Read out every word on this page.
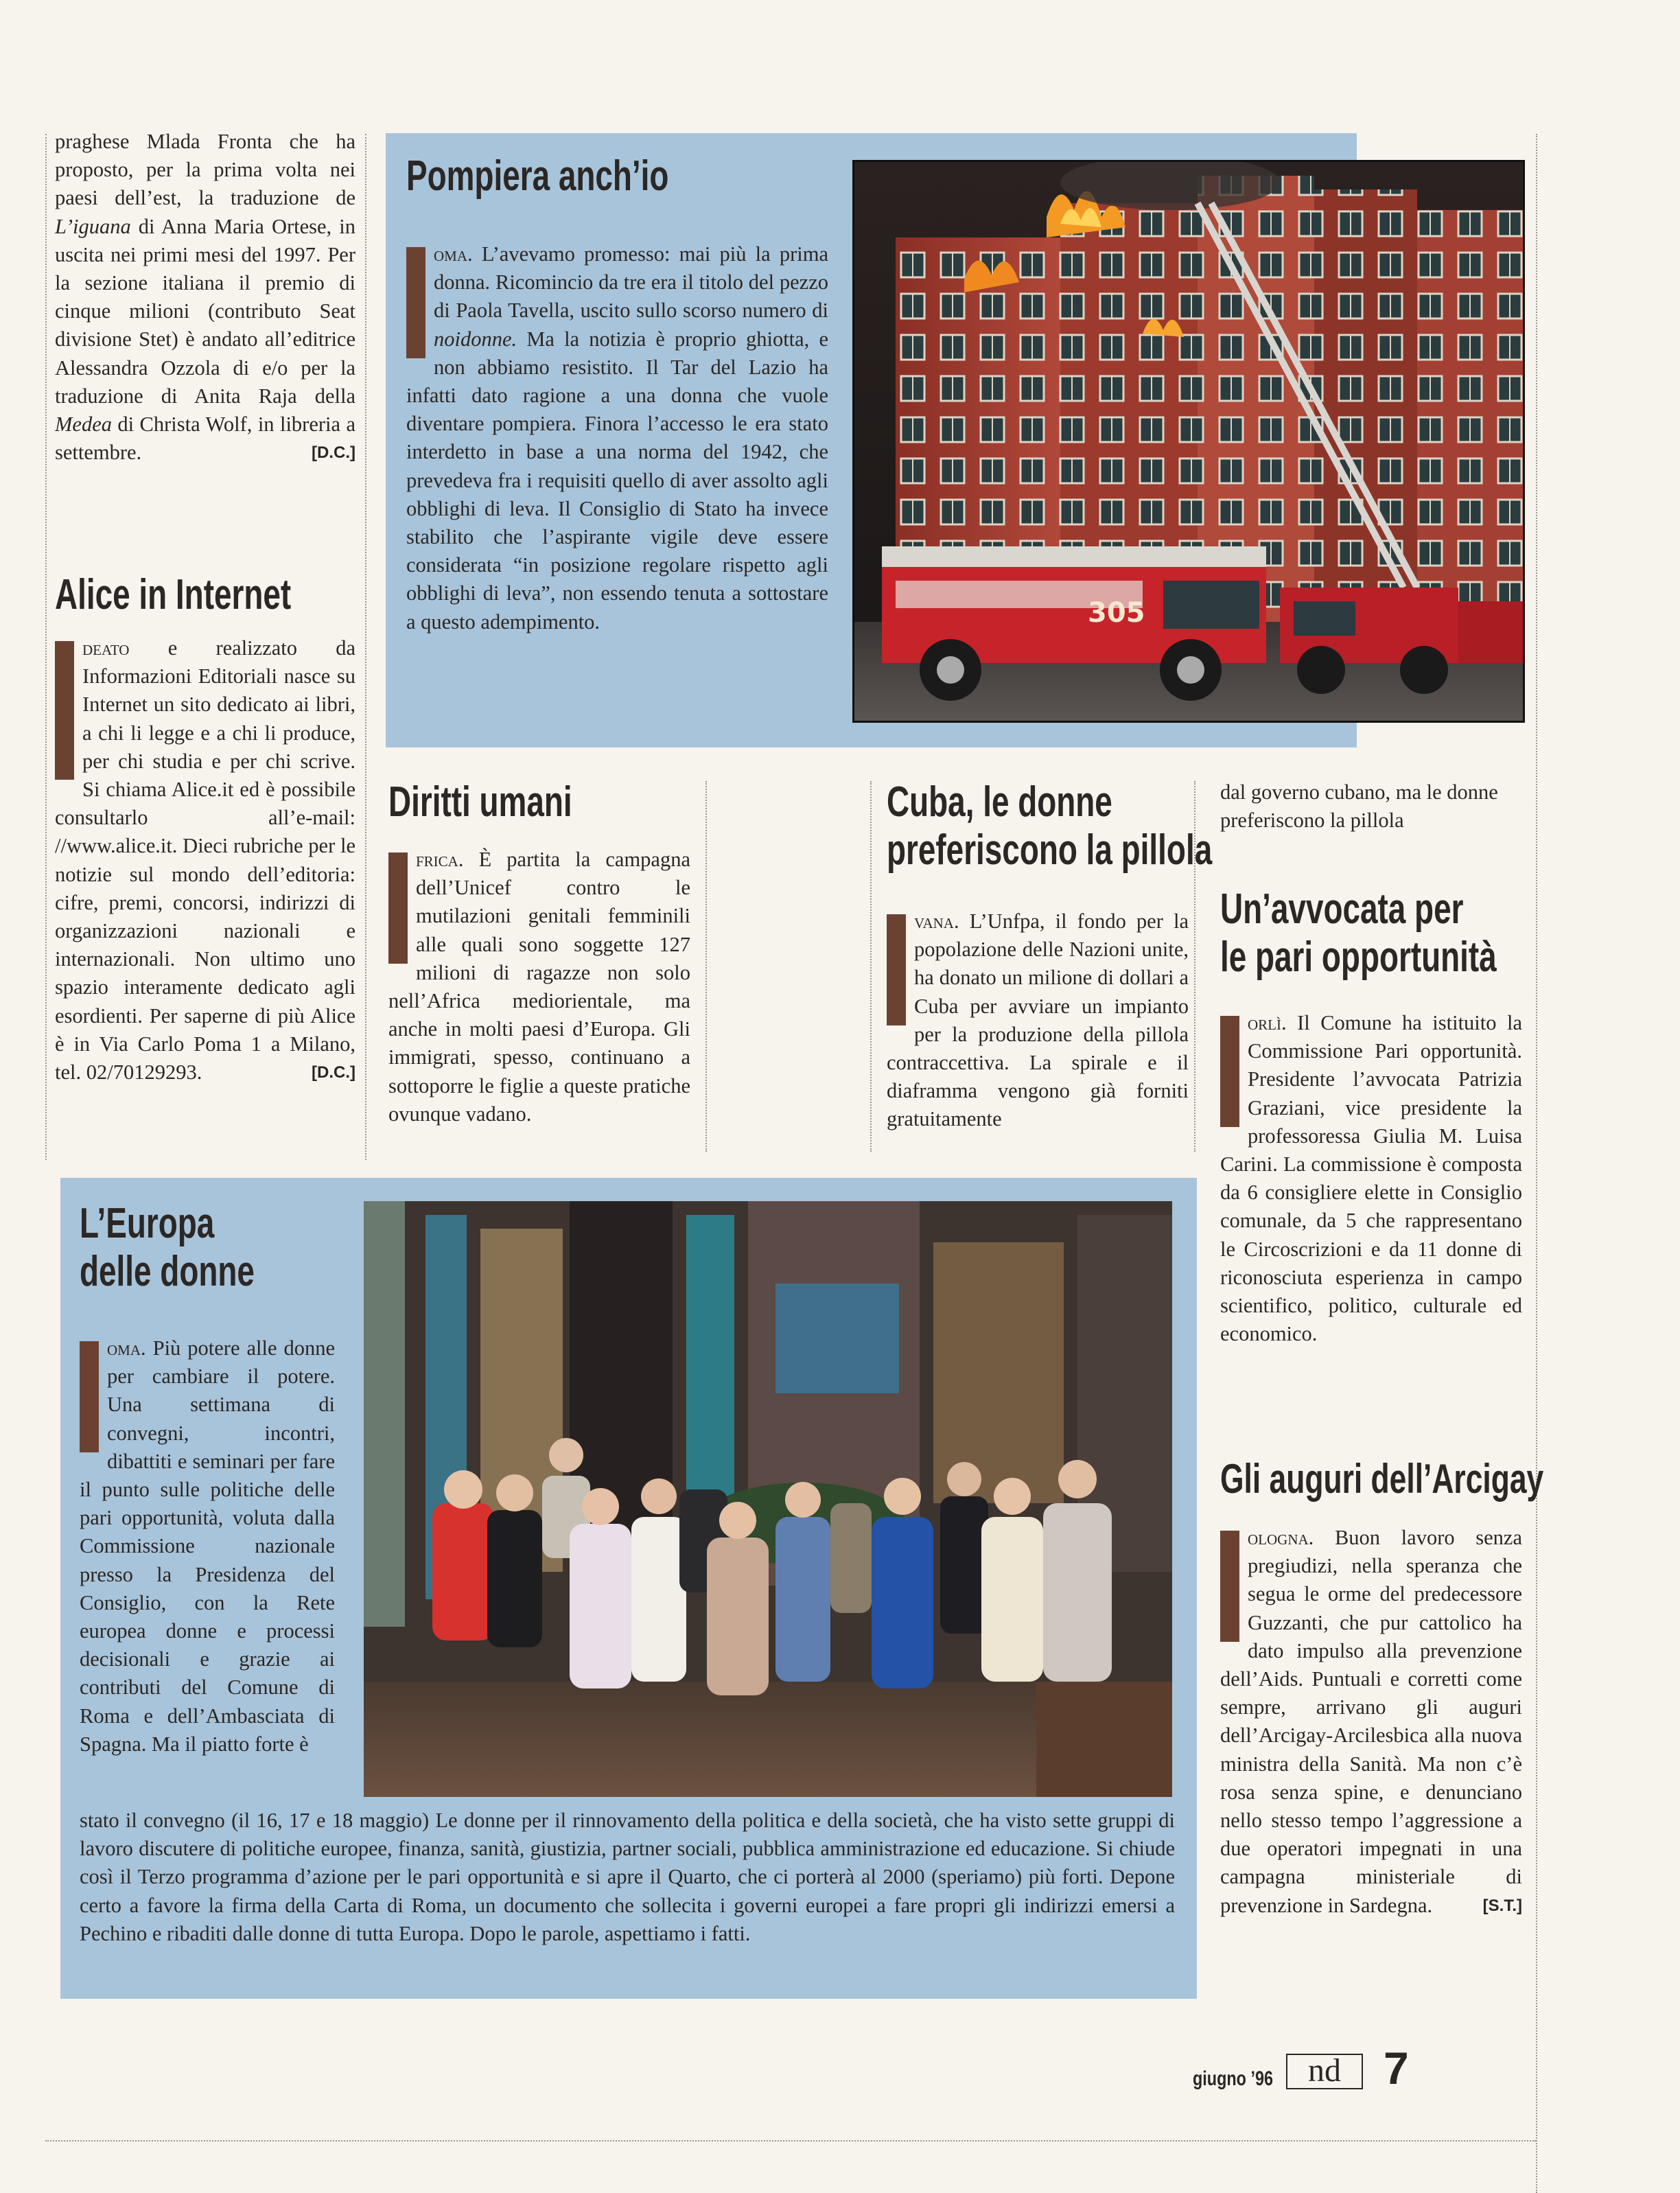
praghese Mlada Fronta che ha proposto, per la prima volta nei paesi dell’est, la traduzione de L’iguana di Anna Maria Ortese, in uscita nei primi mesi del 1997. Per la sezione italiana il premio di cinque milioni (contributo Seat divisione Stet) è andato all’editrice Alessandra Ozzola di e/o per la traduzione di Anita Raja della Medea di Christa Wolf, in libreria a settembre.	[D.C.]

Alice in Internet

deato e realizzato da Informazioni Editoriali nasce su Internet un sito dedicato ai libri, a chi li legge e a chi li produce, per chi studia e per chi scrive. Si chiama Alice.it ed è possibile consultarlo all’e-mail: //www.alice.it. Dieci rubriche per le notizie sul mondo dell’editoria: cifre, premi, concorsi, indirizzi di organizzazioni nazionali e internazionali. Non ultimo uno spazio interamente dedicato agli esordienti. Per saperne di più Alice è in Via Carlo Poma 1 a Milano, tel. 02/70129293.	[D.C.]

Pompiera anch’io

oma. L’avevamo promesso: mai più la prima donna. Ricomincio da tre era il titolo del pezzo di Paola Tavella, uscito sullo scorso numero di noidonne. Ma la notizia è proprio ghiotta, e non abbiamo resistito. Il Tar del Lazio ha infatti dato ragione a una donna che vuole diventare pompiera. Finora l’accesso le era stato interdetto in base a una norma del 1942, che prevedeva fra i requisiti quello di aver assolto agli obblighi di leva. Il Consiglio di Stato ha invece stabilito che l’aspirante vigile deve essere considerata “in posizione regolare rispetto agli obblighi di leva”, non essendo tenuta a sottostare a questo adempimento.	305
Diritti umani

frica. È partita la campagna dell’Unicef contro le mutilazioni genitali femminili alle quali sono soggette 127 milioni di ragazze non solo nell’Africa mediorientale, ma anche in molti paesi d’Europa. Gli immigrati, spesso, continuano a sottoporre le figlie a queste pratiche ovunque vadano.

Cuba, le donne
preferiscono la pillola

vana. L’Unfpa, il fondo per la popolazione delle Nazioni unite, ha donato un milione di dollari a Cuba per avviare un impianto per la produzione della pillola contraccettiva. La spirale e il diaframma vengono già forniti gratuitamente

dal governo cubano, ma le donne preferiscono la pillola

Un’avvocata per
le pari opportunità

orlì. Il Comune ha istituito la Commissione Pari opportunità. Presidente l’avvocata Patrizia Graziani, vice presidente la professoressa Giulia M. Luisa Carini. La commissione è composta da 6 consigliere elette in Consiglio comunale, da 5 che rappresentano le Circoscrizioni e da 11 donne di riconosciuta esperienza in campo scientifico, politico, culturale ed economico.

Gli auguri dell’Arcigay

ologna. Buon lavoro senza pregiudizi, nella speranza che segua le orme del predecessore Guzzanti, che pur cattolico ha dato impulso alla prevenzione dell’Aids. Puntuali e corretti come sempre, arrivano gli auguri dell’Arcigay-Arcilesbica alla nuova ministra della Sanità. Ma non c’è rosa senza spine, e denunciano nello stesso tempo l’aggressione a due operatori impegnati in una campagna ministeriale di prevenzione in Sardegna.	[S.T.]

L’Europa
delle donne

oma. Più potere alle donne per cambiare il potere. Una settimana di convegni, incontri, dibattiti e seminari per fare il punto sulle politiche delle pari opportunità, voluta dalla Commissione nazionale presso la Presidenza del Consiglio, con la Rete europea donne e processi decisionali e grazie ai contributi del Comune di Roma e dell’Ambasciata di Spagna. Ma il piatto forte è

stato il convegno (il 16, 17 e 18 maggio) Le donne per il rinnovamento della politica e della società, che ha visto sette gruppi di lavoro discutere di politiche europee, finanza, sanità, giustizia, partner sociali, pubblica amministrazione ed educazione. Si chiude così il Terzo programma d’azione per le pari opportunità e si apre il Quarto, che ci porterà al 2000 (speriamo) più forti. Depone certo a favore la firma della Carta di Roma, un documento che sollecita i governi europei a fare propri gli indirizzi emersi a Pechino e ribaditi dalle donne di tutta Europa. Dopo le parole, aspettiamo i fatti.

giugno ’96	nd 7
